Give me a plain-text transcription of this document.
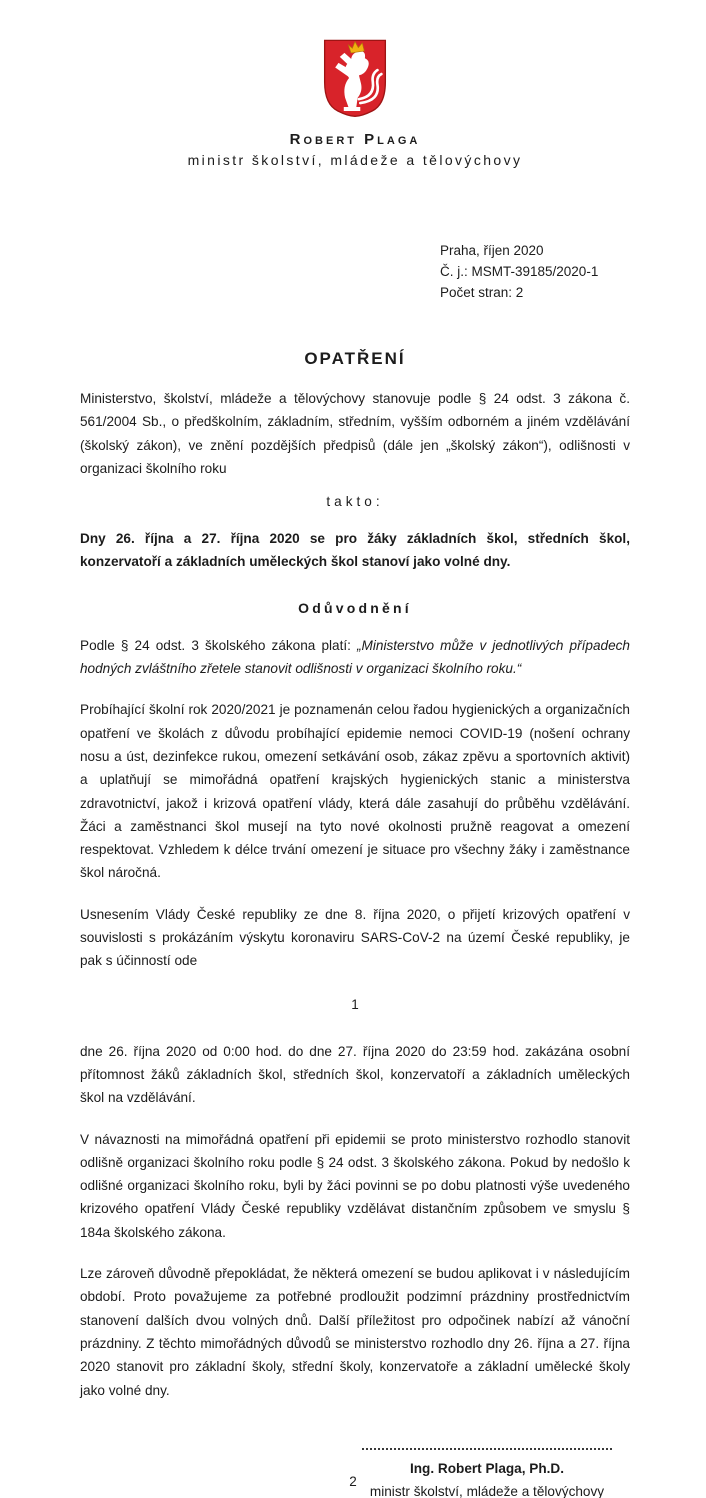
Robert Plaga
ministr školství, mládeže a tělovýchovy
Praha, říjen 2020
Č. j.: MSMT-39185/2020-1
Počet stran: 2
OPATŘENÍ

Ministerstvo, školství, mládeže a tělovýchovy stanovuje podle § 24 odst. 3 zákona č. 561/2004 Sb., o předškolním, základním, středním, vyšším odborném a jiném vzdělávání (školský zákon), ve znění pozdějších předpisů (dále jen „školský zákon“), odlišnosti v organizaci školního roku

takto:

Dny 26. října a 27. října 2020 se pro žáky základních škol, středních škol, konzervatoří a základních uměleckých škol stanoví jako volné dny.

Odůvodnění

Podle § 24 odst. 3 školského zákona platí: „Ministerstvo může v jednotlivých případech hodných zvláštního zřetele stanovit odlišnosti v organizaci školního roku.“

Probíhající školní rok 2020/2021 je poznamenán celou řadou hygienických a organizačních opatření ve školách z důvodu probíhající epidemie nemoci COVID-19 (nošení ochrany nosu a úst, dezinfekce rukou, omezení setkávání osob, zákaz zpěvu a sportovních aktivit) a uplatňují se mimořádná opatření krajských hygienických stanic a ministerstva zdravotnictví, jakož i krizová opatření vlády, která dále zasahují do průběhu vzdělávání. Žáci a zaměstnanci škol musejí na tyto nové okolnosti pružně reagovat a omezení respektovat. Vzhledem k délce trvání omezení je situace pro všechny žáky i zaměstnance škol náročná.

Usnesením Vlády České republiky ze dne 8. října 2020, o přijetí krizových opatření v souvislosti s prokázáním výskytu koronaviru SARS-CoV-2 na území České republiky, je pak s účinností ode

1

dne 26. října 2020 od 0:00 hod. do dne 27. října 2020 do 23:59 hod. zakázána osobní přítomnost žáků základních škol, středních škol, konzervatoří a základních uměleckých škol na vzdělávání.

V návaznosti na mimořádná opatření při epidemii se proto ministerstvo rozhodlo stanovit odlišně organizaci školního roku podle § 24 odst. 3 školského zákona. Pokud by nedošlo k odlišné organizaci školního roku, byli by žáci povinni se po dobu platnosti výše uvedeného krizového opatření Vlády České republiky vzdělávat distančním způsobem ve smyslu § 184a školského zákona.

Lze zároveň důvodně přepokládat, že některá omezení se budou aplikovat i v následujícím období. Proto považujeme za potřebné prodloužit podzimní prázdniny prostřednictvím stanovení dalších dvou volných dnů. Další příležitost pro odpočinek nabízí až vánoční prázdniny. Z těchto mimořádných důvodů se ministerstvo rozhodlo dny 26. října a 27. října 2020 stanovit pro základní školy, střední školy, konzervatoře a základní umělecké školy jako volné dny.

Ing. Robert Plaga, Ph.D.
ministr školství, mládeže a tělovýchovy
2
